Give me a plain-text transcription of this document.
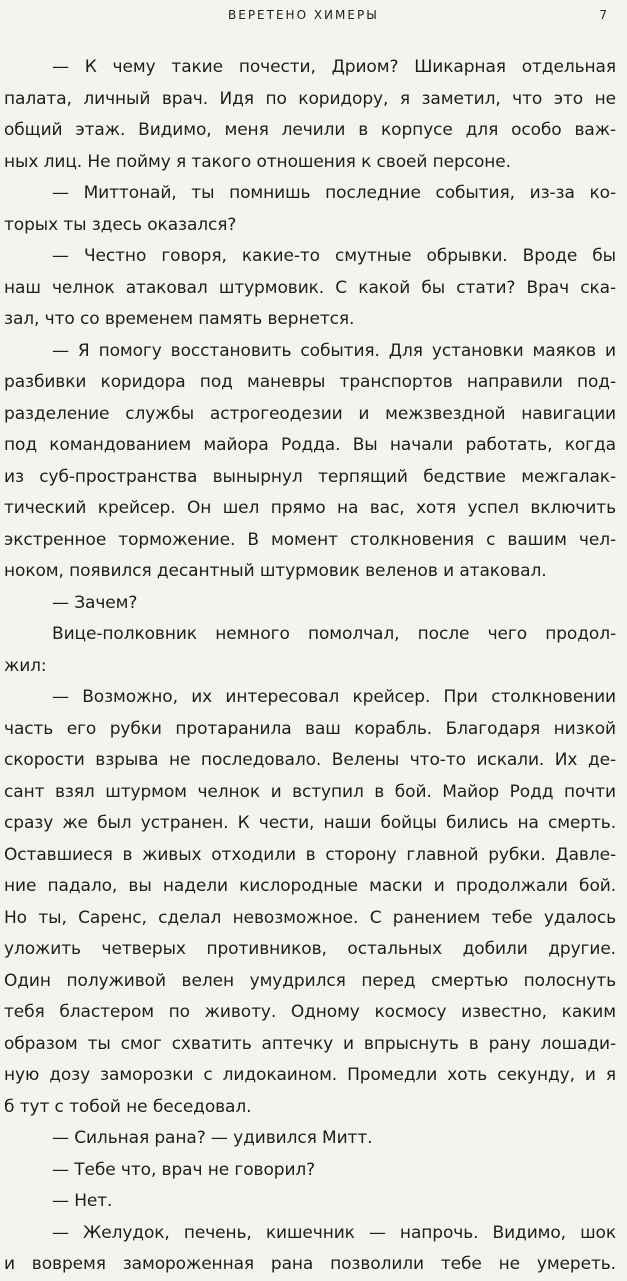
ВЕРЕТЕНО ХИМЕРЫ	7
— К чему такие почести, Дриом? Шикарная отдельная
палата, личный врач. Идя по коридору, я заметил, что это не
общий этаж. Видимо, меня лечили в корпусе для особо важ-
ных лиц. Не пойму я такого отношения к своей персоне.
— Миттонай, ты помнишь последние события, из-за ко-
торых ты здесь оказался?
— Честно говоря, какие-то смутные обрывки. Вроде бы
наш челнок атаковал штурмовик. С какой бы стати? Врач ска-
зал, что со временем память вернется.
— Я помогу восстановить события. Для установки маяков и
разбивки коридора под маневры транспортов направили под-
разделение службы астрогеодезии и межзвездной навигации
под командованием майора Родда. Вы начали работать, когда
из суб-пространства вынырнул терпящий бедствие межгалак-
тический крейсер. Он шел прямо на вас, хотя успел включить
экстренное торможение. В момент столкновения с вашим чел-
ноком, появился десантный штурмовик веленов и атаковал.
— Зачем?
Вице-полковник немного помолчал, после чего продол-
жил:
— Возможно, их интересовал крейсер. При столкновении
часть его рубки протаранила ваш корабль. Благодаря низкой
скорости взрыва не последовало. Велены что-то искали. Их де-
сант взял штурмом челнок и вступил в бой. Майор Родд почти
сразу же был устранен. К чести, наши бойцы бились на смерть.
Оставшиеся в живых отходили в сторону главной рубки. Давле-
ние падало, вы надели кислородные маски и продолжали бой.
Но ты, Саренс, сделал невозможное. С ранением тебе удалось
уложить четверых противников, остальных добили другие.
Один полуживой велен умудрился перед смертью полоснуть
тебя бластером по животу. Одному космосу известно, каким
образом ты смог схватить аптечку и впрыснуть в рану лошади-
ную дозу заморозки с лидокаином. Промедли хоть секунду, и я
б тут с тобой не беседовал.
— Сильная рана? — удивился Митт.
— Тебе что, врач не говорил?
— Нет.
— Желудок, печень, кишечник — напрочь. Видимо, шок
и вовремя замороженная рана позволили тебе не умереть.
